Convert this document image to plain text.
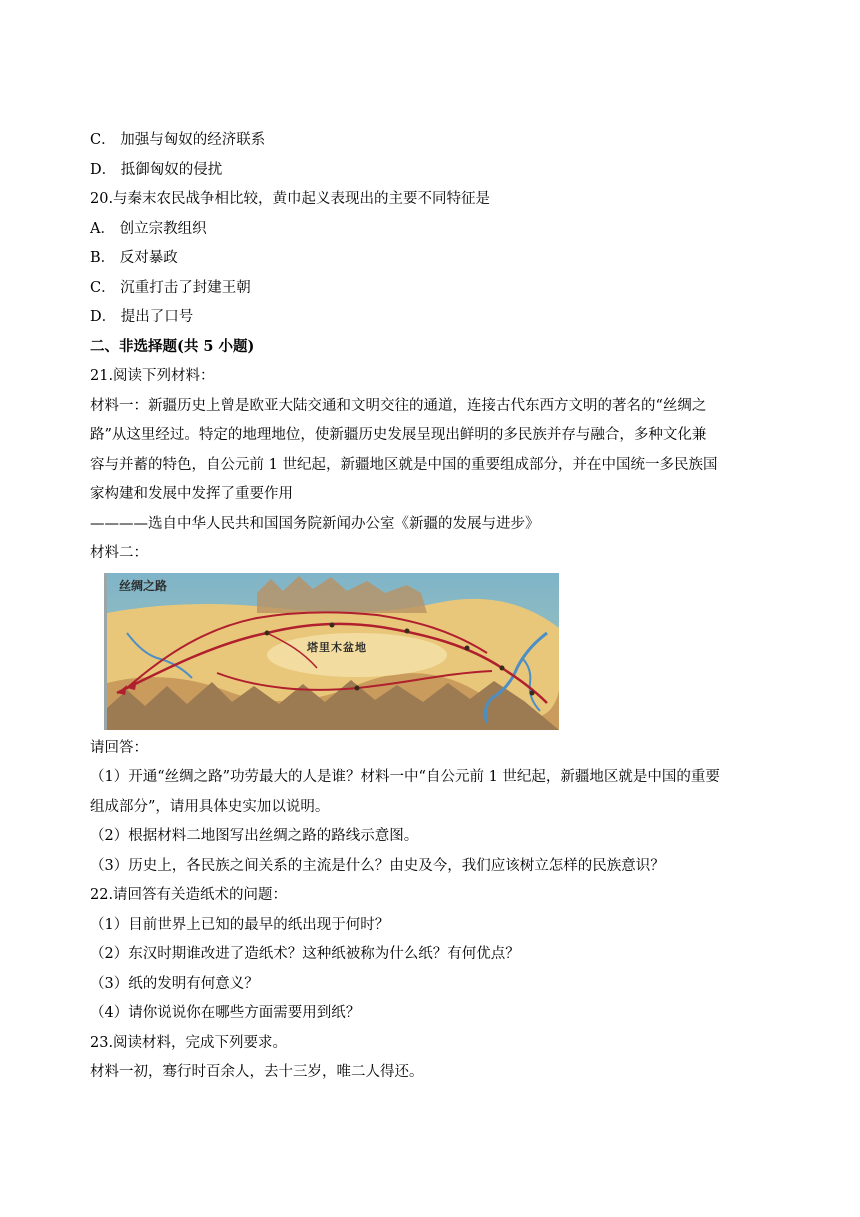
C． 加强与匈奴的经济联系
D． 抵御匈奴的侵扰
20.与秦末农民战争相比较，黄巾起义表现出的主要不同特征是
A． 创立宗教组织
B． 反对暴政
C． 沉重打击了封建王朝
D． 提出了口号
二、非选择题(共 5 小题)
21.阅读下列材料：
材料一：新疆历史上曾是欧亚大陆交通和文明交往的通道，连接古代东西方文明的著名的“丝绸之
路”从这里经过。特定的地理地位，使新疆历史发展呈现出鲜明的多民族并存与融合，多种文化兼
容与并蓄的特色，自公元前 1 世纪起，新疆地区就是中国的重要组成部分，并在中国统一多民族国
家构建和发展中发挥了重要作用
————选自中华人民共和国国务院新闻办公室《新疆的发展与进步》
材料二：
丝绸之路
塔里木盆地
请回答：
（1）开通“丝绸之路”功劳最大的人是谁？材料一中“自公元前 1 世纪起，新疆地区就是中国的重要
组成部分”，请用具体史实加以说明。
（2）根据材料二地图写出丝绸之路的路线示意图。
（3）历史上，各民族之间关系的主流是什么？由史及今，我们应该树立怎样的民族意识？
22.请回答有关造纸术的问题：
（1）目前世界上已知的最早的纸出现于何时？
（2）东汉时期谁改进了造纸术？这种纸被称为什么纸？有何优点？
（3）纸的发明有何意义？
（4）请你说说你在哪些方面需要用到纸？
23.阅读材料，完成下列要求。
材料一初，骞行时百余人，去十三岁，唯二人得还。
